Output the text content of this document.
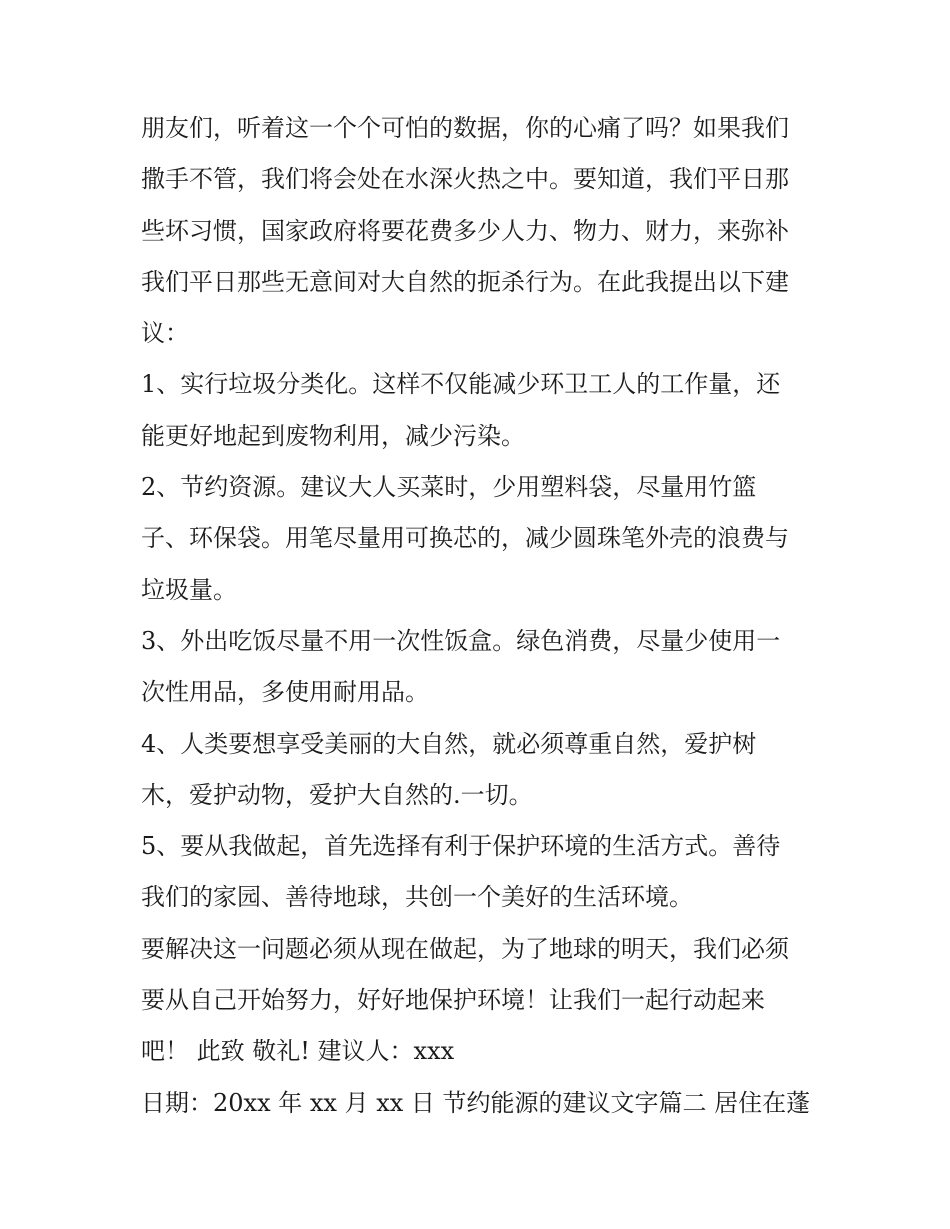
朋友们，听着这一个个可怕的数据，你的心痛了吗？如果我们
撒手不管，我们将会处在水深火热之中。要知道，我们平日那
些坏习惯，国家政府将要花费多少人力、物力、财力，来弥补
我们平日那些无意间对大自然的扼杀行为。在此我提出以下建
议：
1、实行垃圾分类化。这样不仅能减少环卫工人的工作量，还
能更好地起到废物利用，减少污染。
2、节约资源。建议大人买菜时，少用塑料袋，尽量用竹篮
子、环保袋。用笔尽量用可换芯的，减少圆珠笔外壳的浪费与
垃圾量。
3、外出吃饭尽量不用一次性饭盒。绿色消费，尽量少使用一
次性用品，多使用耐用品。
4、人类要想享受美丽的大自然，就必须尊重自然，爱护树
木，爱护动物，爱护大自然的.一切。
5、要从我做起，首先选择有利于保护环境的生活方式。善待
我们的家园、善待地球，共创一个美好的生活环境。
要解决这一问题必须从现在做起，为了地球的明天，我们必须
要从自己开始努力，好好地保护环境！让我们一起行动起来
吧！ 此致 敬礼! 建议人：xxx
日期：20xx 年 xx 月 xx 日 节约能源的建议文字篇二 居住在蓬
